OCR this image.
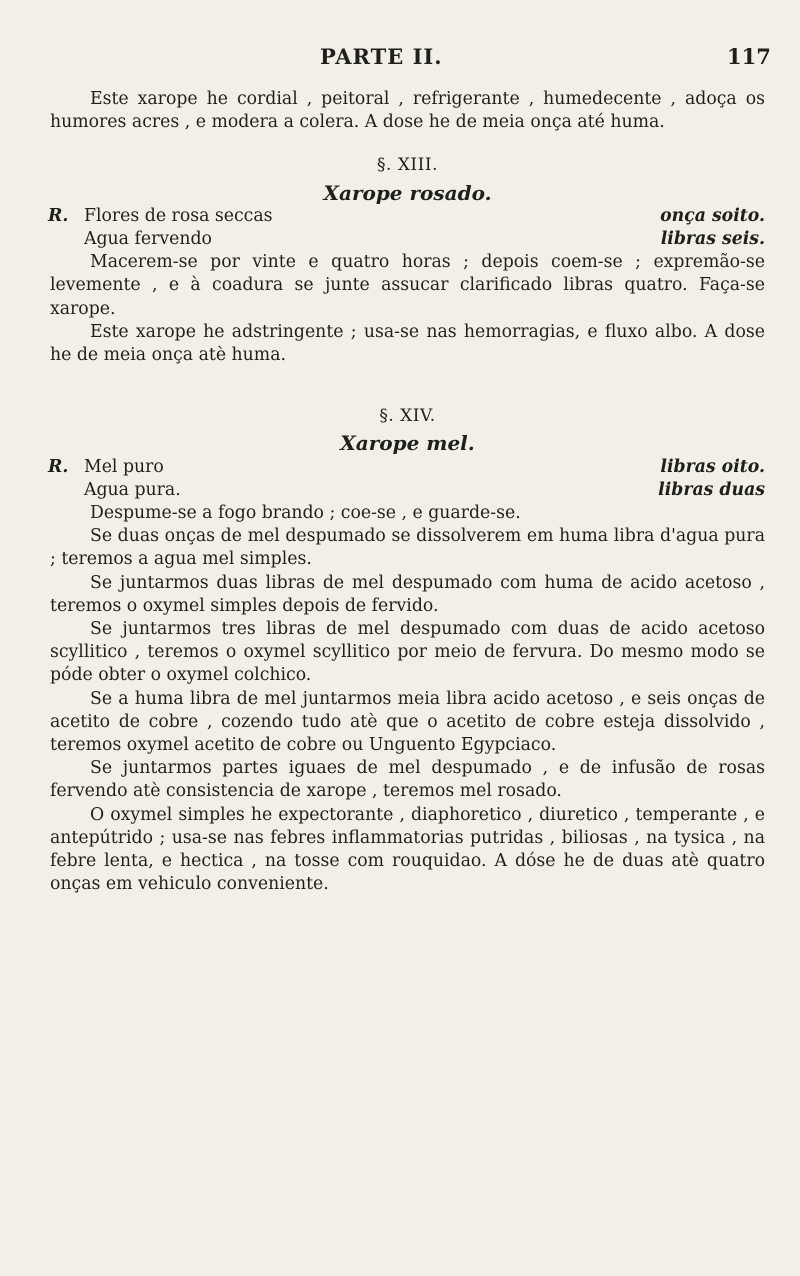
PARTE II.	117

Este xarope he cordial , peitoral , refrigerante , humedecente , adoça os humores acres , e modera a colera. A dose he de meia onça até huma.

§. XIII.

Xarope rosado.

R. Flores de rosa seccas	onça soito.
Agua fervendo	libras seis.

Macerem-se por vinte e quatro horas ; depois coem-se ; expremão-se levemente , e à coadura se junte assucar clarificado libras quatro. Faça-se xarope.

Este xarope he adstringente ; usa-se nas hemorragias, e fluxo albo. A dose he de meia onça atè huma.

§. XIV.

Xarope mel.

R. Mel puro	libras oito.
Agua pura.	libras duas

Despume-se a fogo brando ; coe-se , e guarde-se.

Se duas onças de mel despumado se dissolverem em huma libra d'agua pura ; teremos a agua mel simples.

Se juntarmos duas libras de mel despumado com huma de acido acetoso , teremos o oxymel simples depois de fervido.

Se juntarmos tres libras de mel despumado com duas de acido acetoso scyllitico , teremos o oxymel scyllitico por meio de fervura. Do mesmo modo se póde obter o oxymel colchico.

Se a huma libra de mel juntarmos meia libra acido acetoso , e seis onças de acetito de cobre , cozendo tudo atè que o acetito de cobre esteja dissolvido , teremos oxymel acetito de cobre ou Unguento Egypciaco.

Se juntarmos partes iguaes de mel despumado , e de infusão de rosas fervendo atè consistencia de xarope , teremos mel rosado.

O oxymel simples he expectorante , diaphoretico , diuretico , temperante , e antepútrido ; usa-se nas febres inflammatorias putridas , biliosas , na tysica , na febre lenta, e hectica , na tosse com rouquidao. A dóse he de duas atè quatro onças em vehiculo conveniente.
